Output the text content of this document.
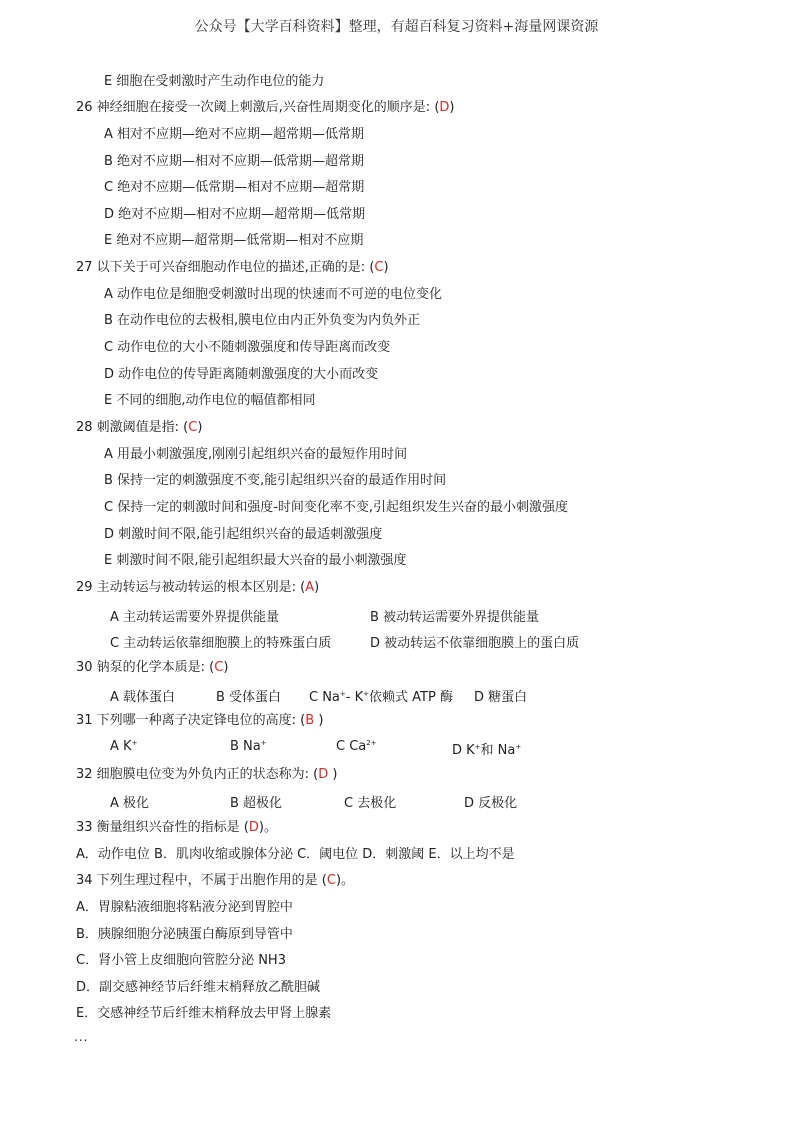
公众号【大学百科资料】整理，有超百科复习资料+海量网课资源
E 细胞在受刺激时产生动作电位的能力
26 神经细胞在接受一次阈上刺激后,兴奋性周期变化的顺序是: (D)
A 相对不应期—绝对不应期—超常期—低常期
B 绝对不应期—相对不应期—低常期—超常期
C 绝对不应期—低常期—相对不应期—超常期
D 绝对不应期—相对不应期—超常期—低常期
E 绝对不应期—超常期—低常期—相对不应期
27 以下关于可兴奋细胞动作电位的描述,正确的是: (C)
A 动作电位是细胞受刺激时出现的快速而不可逆的电位变化
B 在动作电位的去极相,膜电位由内正外负变为内负外正
C 动作电位的大小不随刺激强度和传导距离而改变
D 动作电位的传导距离随刺激强度的大小而改变
E 不同的细胞,动作电位的幅值都相同
28 刺激阈值是指: (C)
A 用最小刺激强度,刚刚引起组织兴奋的最短作用时间
B 保持一定的刺激强度不变,能引起组织兴奋的最适作用时间
C 保持一定的刺激时间和强度-时间变化率不变,引起组织发生兴奋的最小刺激强度
D 刺激时间不限,能引起组织兴奋的最适刺激强度
E 刺激时间不限,能引起组织最大兴奋的最小刺激强度
29 主动转运与被动转运的根本区别是: (A)
A 主动转运需要外界提供能量	B 被动转运需要外界提供能量
C 主动转运依靠细胞膜上的特殊蛋白质	D 被动转运不依靠细胞膜上的蛋白质
30 钠泵的化学本质是: (C)
A 载体蛋白	B 受体蛋白 C Na+- K+依赖式 ATP 酶 D 糖蛋白
31 下列哪一种离子决定锋电位的高度: (B )
A K+	B Na+	C $Ca^{2+}$	D K+和 Na+
32 细胞膜电位变为外负内正的状态称为: (D )
A 极化	B 超极化	C 去极化	D 反极化
33 衡量组织兴奋性的指标是 (D)。
A．动作电位 B．肌肉收缩或腺体分泌 C．阈电位 D．刺激阈 E．以上均不是
34 下列生理过程中，不属于出胞作用的是 (C)。
A．胃腺粘液细胞将粘液分泌到胃腔中
B．胰腺细胞分泌胰蛋白酶原到导管中
C．肾小管上皮细胞向管腔分泌 NH3
D．副交感神经节后纤维末梢释放乙酰胆碱
E．交感神经节后纤维末梢释放去甲肾上腺素
...
